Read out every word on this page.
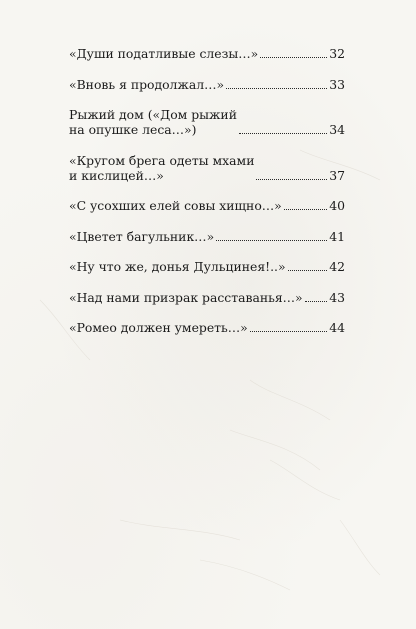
«Души податливые слезы…»	32
«Вновь я продолжал…»	33
Рыжий дом («Дом рыжий
на опушке леса…»)	34
«Кругом брега одеты мхами
и кислицей…»	37
«С усохших елей совы хищно…»	40
«Цветет багульник…»	41
«Ну что же, донья Дульцинея!..»	42
«Над нами призрак расставанья…» 43
«Ромео должен умереть…»	44
